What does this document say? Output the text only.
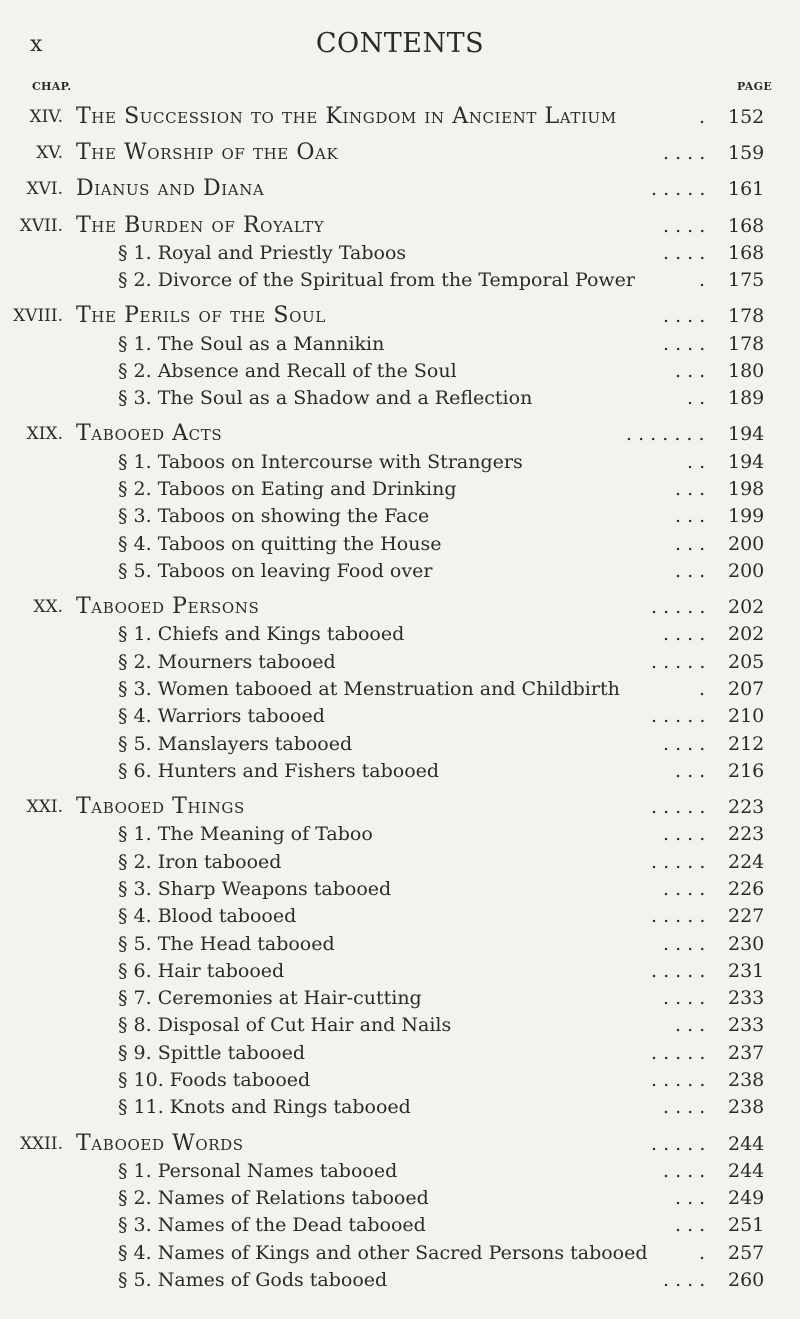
x	CONTENTS
CHAP.	PAGE
XIV. The Succession to the Kingdom in Ancient Latium	. 152
XV. The Worship of the Oak	. . . . 159
XVI. Dianus and Diana	. . . . . 161
XVII. The Burden of Royalty	. . . . 168
§ 1. Royal and Priestly Taboos	. . . . 168
§ 2. Divorce of the Spiritual from the Temporal Power	. 175
XVIII. The Perils of the Soul	. . . . 178
§ 1. The Soul as a Mannikin	. . . . 178
§ 2. Absence and Recall of the Soul	. . . 180
§ 3. The Soul as a Shadow and a Reflection	. . 189
XIX. Tabooed Acts	. . . . . . . 194
§ 1. Taboos on Intercourse with Strangers	. . 194
§ 2. Taboos on Eating and Drinking	. . . 198
§ 3. Taboos on showing the Face	. . . 199
§ 4. Taboos on quitting the House	. . . 200
§ 5. Taboos on leaving Food over	. . . 200
XX. Tabooed Persons	. . . . . 202
§ 1. Chiefs and Kings tabooed	. . . . 202
§ 2. Mourners tabooed	. . . . . 205
§ 3. Women tabooed at Menstruation and Childbirth	. 207
§ 4. Warriors tabooed	. . . . . 210
§ 5. Manslayers tabooed	. . . . 212
§ 6. Hunters and Fishers tabooed	. . . 216
XXI. Tabooed Things	. . . . . 223
§ 1. The Meaning of Taboo	. . . . 223
§ 2. Iron tabooed	. . . . . 224
§ 3. Sharp Weapons tabooed	. . . . 226
§ 4. Blood tabooed	. . . . . 227
§ 5. The Head tabooed	. . . . 230
§ 6. Hair tabooed	. . . . . 231
§ 7. Ceremonies at Hair-cutting	. . . . 233
§ 8. Disposal of Cut Hair and Nails	. . . 233
§ 9. Spittle tabooed	. . . . . 237
§ 10. Foods tabooed	. . . . . 238
§ 11. Knots and Rings tabooed	. . . . 238
XXII. Tabooed Words	. . . . . 244
§ 1. Personal Names tabooed	. . . . 244
§ 2. Names of Relations tabooed	. . . 249
§ 3. Names of the Dead tabooed	. . . 251
§ 4. Names of Kings and other Sacred Persons tabooed	. 257
§ 5. Names of Gods tabooed	. . . . 260
